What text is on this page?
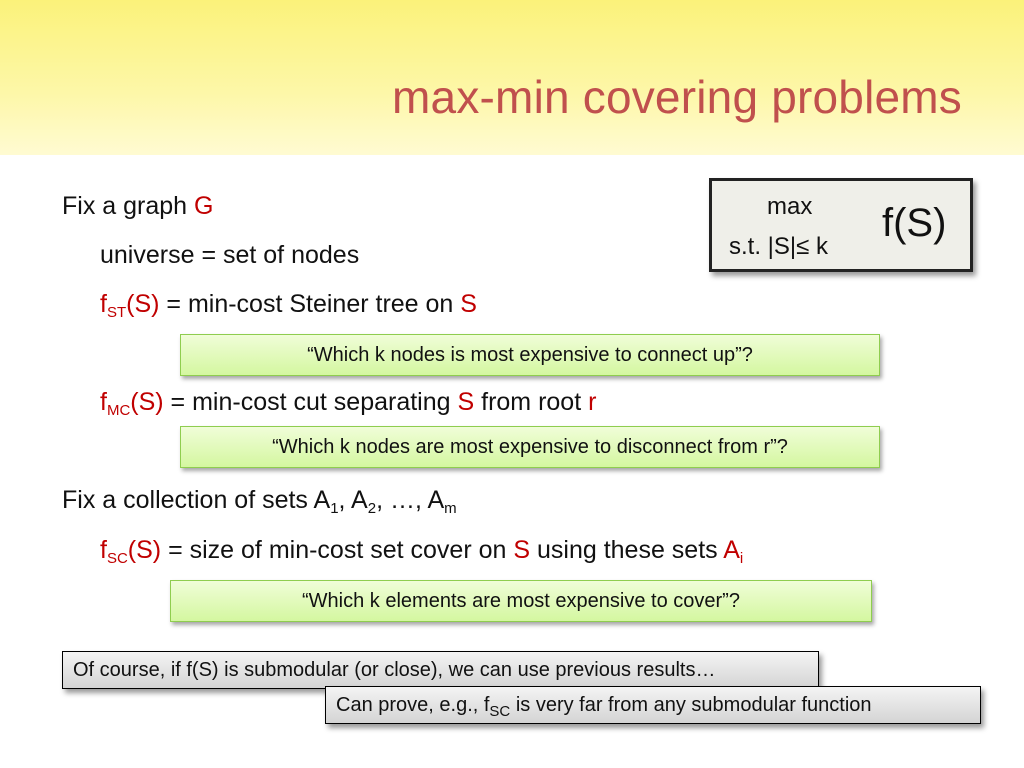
max-min covering problems
max
s.t. |S|≤ k
f(S)
Fix a graph G
universe = set of nodes
$f_{ST}(S) = \min-\cos t$ Steiner tree on S
“Which k nodes is most expensive to connect up”?
$f_{MC}(S) = \min-\cos t$ cut separating S from root r
“Which k nodes are most expensive to disconnect from r”?
Fix a collection of sets $A_1$, $A_2$, …, $A_m$
$f_{SC}(S)$ = size of min-cost set cover on S using these sets $A_i$
“Which k elements are most expensive to cover”?
Of course, if f(S) is submodular (or close), we can use previous results…
Can prove, e.g., $f_{SC}$ is very far from any submodular function
